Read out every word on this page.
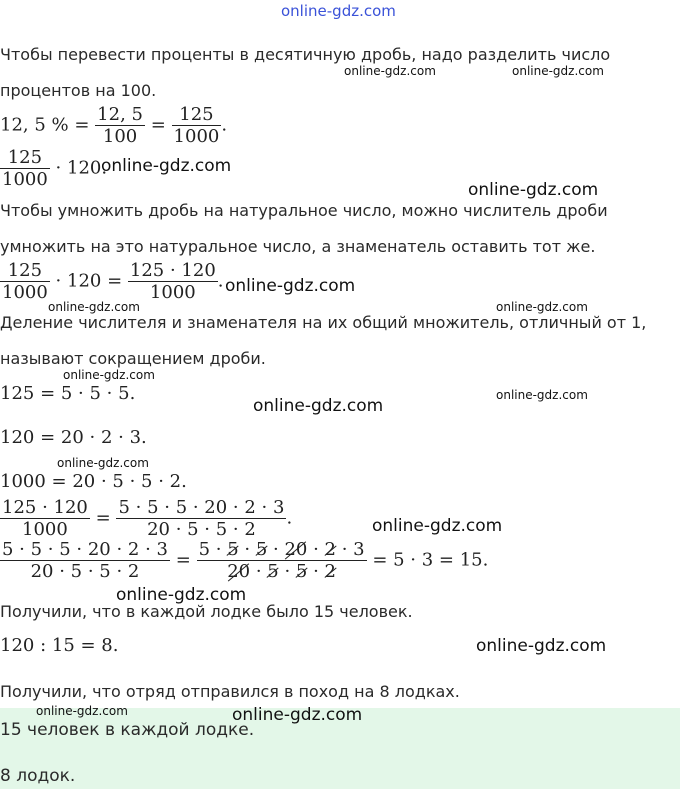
online-gdz.com
Чтобы перевести проценты в десятичную дробь, надо разделить число
online-gdz.com	online-gdz.com
процентов на 100.
12, 5 % = $\frac{12, 5}{100} = \frac{125}{1000}$ .
$\frac{125}{1000} \cdot 120$.
online-gdz.com
online-gdz.com
Чтобы умножить дробь на натуральное число, можно числитель дроби
умножить на это натуральное число, а знаменатель оставить тот же.
$\frac{125}{1000} \cdot 120 = \frac{125 \cdot 120}{1000}$ . online-gdz.com
online-gdz.com	online-gdz.com
Деление числителя и знаменателя на их общий множитель, отличный от 1,
называют сокращением дроби.
online-gdz.com
125 = 5 · 5 · 5.	online-gdz.com
online-gdz.com
120 = 20 · 2 · 3.
online-gdz.com
1000 = 20 · 5 · 5 · 2.
$\frac{125 \cdot 120}{1000} = \frac{5 \cdot 5 \cdot 5 \cdot 20 \cdot 2 \cdot 3}{20 \cdot 5 \cdot 5 \cdot 2}$ .	online-gdz.com
$\frac{5 \cdot 5 \cdot 5 \cdot 20 \cdot 2 \cdot 3}{20 \cdot 5 \cdot 5 \cdot 2} = \frac{5 \cdot 5 \cdot 5 \cdot 20 \cdot 2 \cdot 3}{20 \cdot 5 \cdot 5 \cdot 2} = 5 \cdot 3 = 15$.
online-gdz.com
Получили, что в каждой лодке было 15 человек.
120 : 15 = 8.	online-gdz.com
Получили, что отряд отправился в поход на 8 лодках.
15 человек в каждой лодке.
8 лодок.
online-gdz.com	online-gdz.com
